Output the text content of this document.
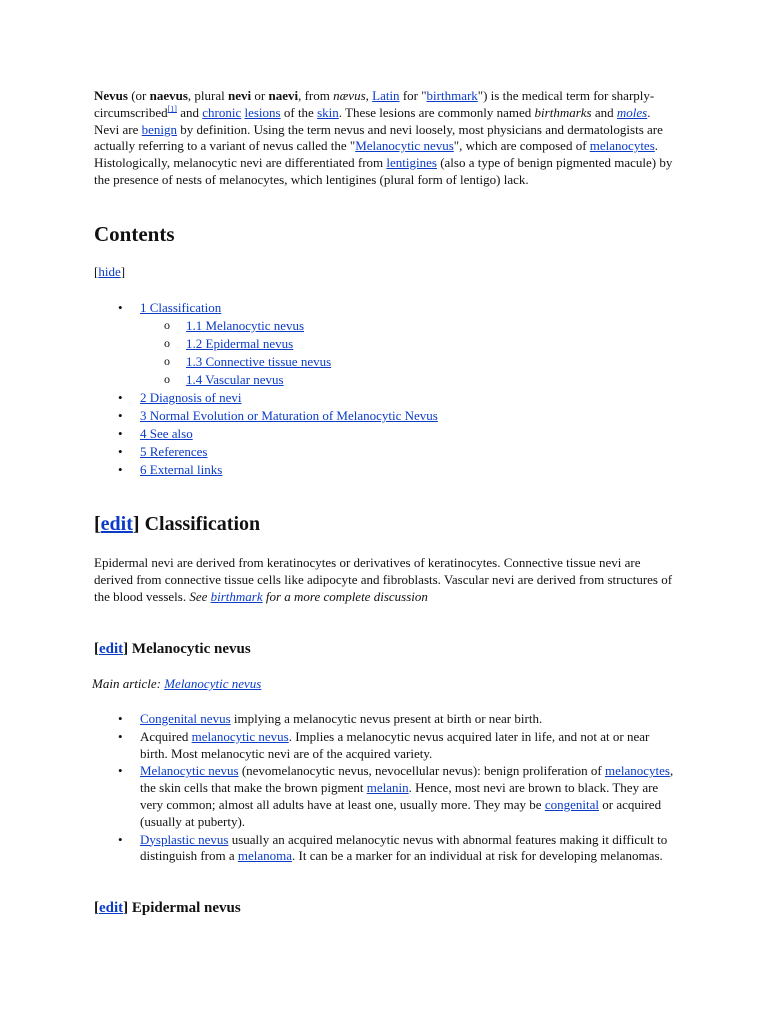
Nevus (or naevus, plural nevi or naevi, from nævus, Latin for "birthmark") is the medical term for sharply-circumscribed[1] and chronic lesions of the skin. These lesions are commonly named birthmarks and moles. Nevi are benign by definition. Using the term nevus and nevi loosely, most physicians and dermatologists are actually referring to a variant of nevus called the "Melanocytic nevus", which are composed of melanocytes. Histologically, melanocytic nevi are differentiated from lentigines (also a type of benign pigmented macule) by the presence of nests of melanocytes, which lentigines (plural form of lentigo) lack.

Contents
[hide]
• 1 Classification
o 1.1 Melanocytic nevus
o 1.2 Epidermal nevus
o 1.3 Connective tissue nevus
o 1.4 Vascular nevus
• 2 Diagnosis of nevi
• 3 Normal Evolution or Maturation of Melanocytic Nevus
• 4 See also
• 5 References
• 6 External links
[edit] Classification

Epidermal nevi are derived from keratinocytes or derivatives of keratinocytes. Connective tissue nevi are derived from connective tissue cells like adipocyte and fibroblasts. Vascular nevi are derived from structures of the blood vessels. See birthmark for a more complete discussion

[edit] Melanocytic nevus
Main article: Melanocytic nevus
• Congenital nevus implying a melanocytic nevus present at birth or near birth.
• Acquired melanocytic nevus. Implies a melanocytic nevus acquired later in life, and not at or near birth. Most melanocytic nevi are of the acquired variety.
• Melanocytic nevus (nevomelanocytic nevus, nevocellular nevus): benign proliferation of melanocytes, the skin cells that make the brown pigment melanin. Hence, most nevi are brown to black. They are very common; almost all adults have at least one, usually more. They may be congenital or acquired (usually at puberty).
• Dysplastic nevus usually an acquired melanocytic nevus with abnormal features making it difficult to distinguish from a melanoma. It can be a marker for an individual at risk for developing melanomas.
[edit] Epidermal nevus
